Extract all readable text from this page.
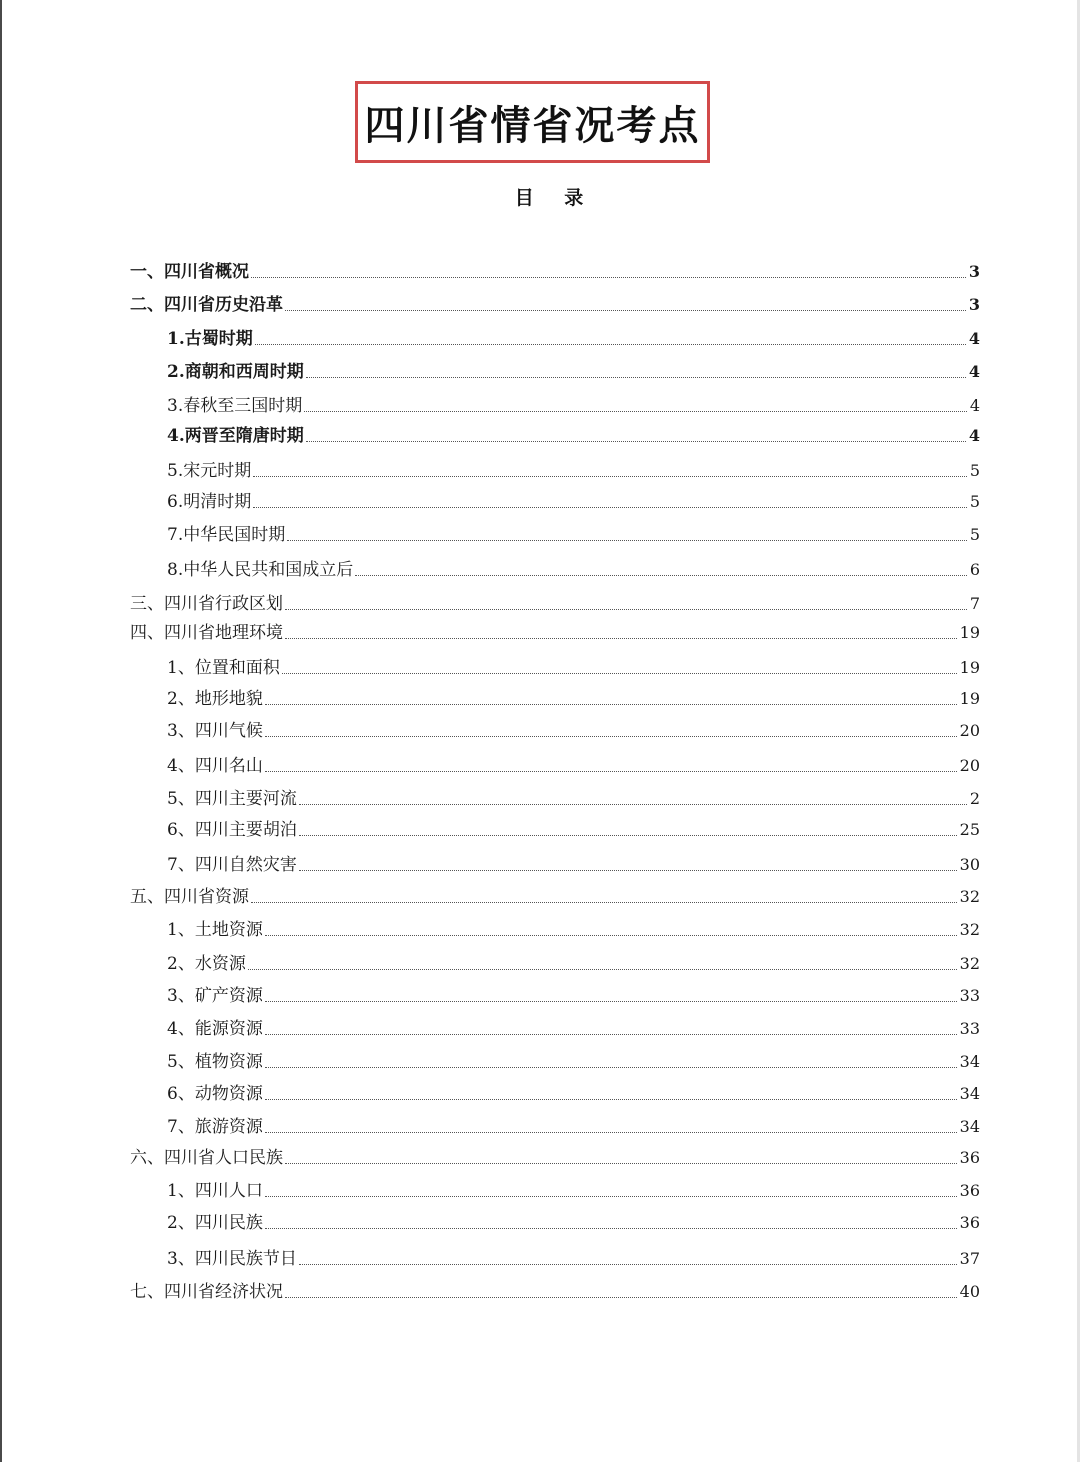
四川省情省况考点
目 录
一、四川省概况	3
二、四川省历史沿革	3
1.古蜀时期	4
2.商朝和西周时期	4
3.春秋至三国时期	4
4.两晋至隋唐时期	4
5.宋元时期	5
6.明清时期	5
7.中华民国时期	5
8.中华人民共和国成立后	6
三、四川省行政区划	7
四、四川省地理环境	19
1、位置和面积	19
2、地形地貌	19
3、四川气候	20
4、四川名山	20
5、四川主要河流	2
6、四川主要胡泊	25
7、四川自然灾害	30
五、四川省资源	32
1、土地资源	32
2、水资源	32
3、矿产资源	33
4、能源资源	33
5、植物资源	34
6、动物资源	34
7、旅游资源	34
六、四川省人口民族	36
1、四川人口	36
2、四川民族	36
3、四川民族节日	37
七、四川省经济状况	40
